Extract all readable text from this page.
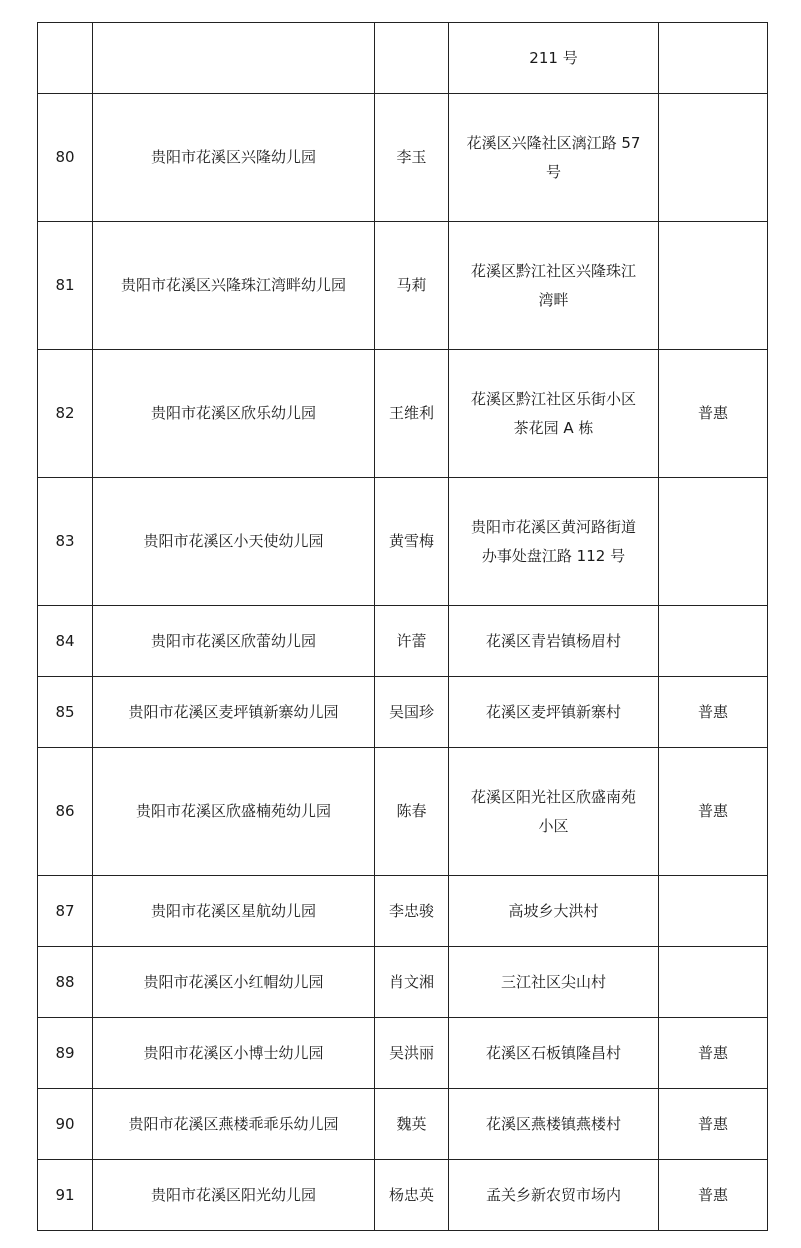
			211 号	

80	贵阳市花溪区兴隆幼儿园	李玉	花溪区兴隆社区漓江路 57
号	

81	贵阳市花溪区兴隆珠江湾畔幼儿园	马莉	花溪区黔江社区兴隆珠江
湾畔	

82	贵阳市花溪区欣乐幼儿园	王维利	花溪区黔江社区乐街小区
茶花园 A 栋	普惠
83	贵阳市花溪区小天使幼儿园	黄雪梅	贵阳市花溪区黄河路街道
办事处盘江路 112 号	

84	贵阳市花溪区欣蕾幼儿园	许蕾	花溪区青岩镇杨眉村	

85	贵阳市花溪区麦坪镇新寨幼儿园	吴国珍	花溪区麦坪镇新寨村	普惠
86	贵阳市花溪区欣盛楠苑幼儿园	陈春	花溪区阳光社区欣盛南苑
小区	普惠
87	贵阳市花溪区星航幼儿园	李忠骏	高坡乡大洪村	

88	贵阳市花溪区小红帽幼儿园	肖文湘	三江社区尖山村	

89	贵阳市花溪区小博士幼儿园	吴洪丽	花溪区石板镇隆昌村	普惠
90	贵阳市花溪区燕楼乖乖乐幼儿园	魏英	花溪区燕楼镇燕楼村	普惠
91	贵阳市花溪区阳光幼儿园	杨忠英	孟关乡新农贸市场内	普惠
